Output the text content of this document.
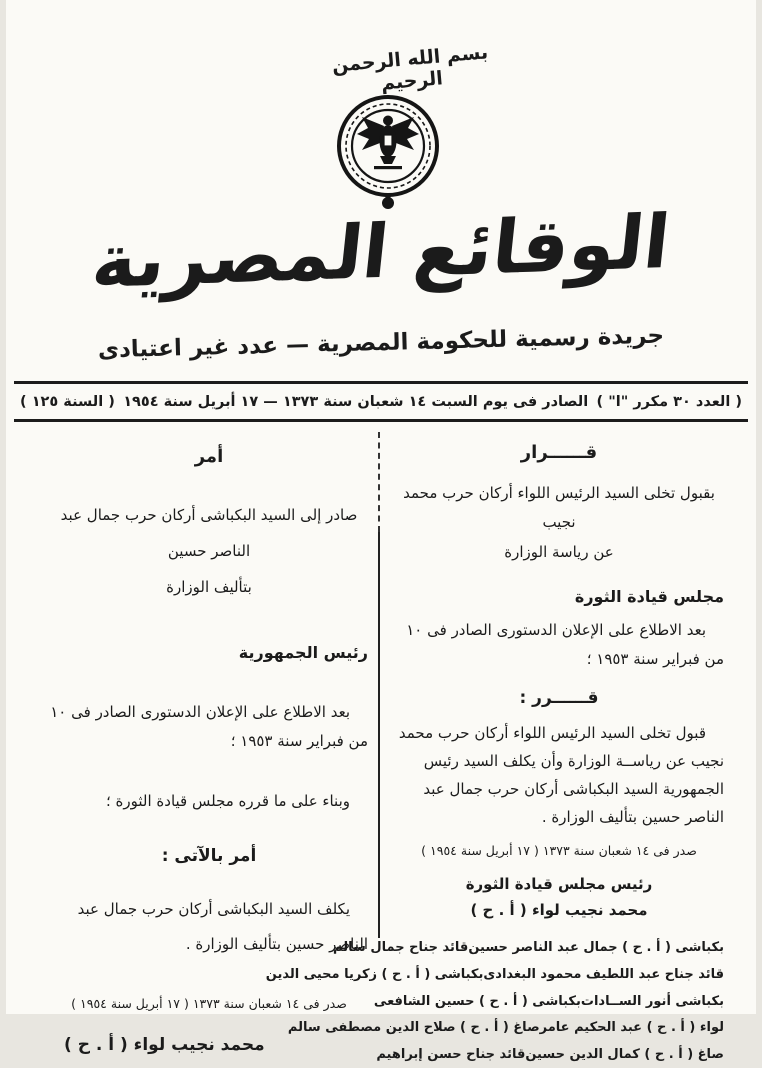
بسم الله الرحمن الرحيم
الوقائع المصرية
جريدة رسمية للحكومة المصرية — عدد غير اعتيادى
( العدد ٣٠ مكرر "ا" )
الصادر فى يوم السبت ١٤ شعبان سنة ١٣٧٣ — ١٧ أبريل سنة ١٩٥٤
( السنة ١٢٥ )
قــــــرار
بقبول تخلى السيد الرئيس اللواء أركان حرب محمد نجيب
عن رياسة الوزارة
مجلس قيادة الثورة
بعد الاطلاع على الإعلان الدستورى الصادر فى ١٠ من فبراير سنة ١٩٥٣ ؛
قــــــرر :
قبول تخلى السيد الرئيس اللواء أركان حرب محمد نجيب عن رياســة الوزارة وأن يكلف السيد رئيس الجمهورية السيد البكباشى أركان حرب جمال عبد الناصر حسين بتأليف الوزارة .
صدر فى ١٤ شعبان سنة ١٣٧٣ ( ١٧ أبريل سنة ١٩٥٤ )
رئيس مجلس قيادة الثورة
محمد نجيب لواء ( أ . ح )
بكباشى ( أ . ح ) جمال عبد الناصر حسين
قائد جناح جمال سالم
قائد جناح عبد اللطيف محمود البغدادى
بكباشى ( أ . ح ) زكريا محيى الدين
بكباشى أنور الســادات
بكباشى ( أ . ح ) حسين الشافعى
لواء ( أ . ح ) عبد الحكيم عامر
صاغ ( أ . ح ) صلاح الدين مصطفى سالم
صاغ ( أ . ح ) كمال الدين حسين
قائد جناح حسن إبراهيم
أمر
صادر إلى السيد البكباشى أركان حرب جمال عبد الناصر حسين
بتأليف الوزارة
رئيس الجمهورية
بعد الاطلاع على الإعلان الدستورى الصادر فى ١٠ من فبراير سنة ١٩٥٣ ؛
وبناء على ما قرره مجلس قيادة الثورة ؛
أمر بالآتى :
يكلف السيد البكباشى أركان حرب جمال عبد الناصر حسين بتأليف الوزارة .
صدر فى ١٤ شعبان سنة ١٣٧٣ ( ١٧ أبريل سنة ١٩٥٤ )
محمد نجيب لواء ( أ . ح )
